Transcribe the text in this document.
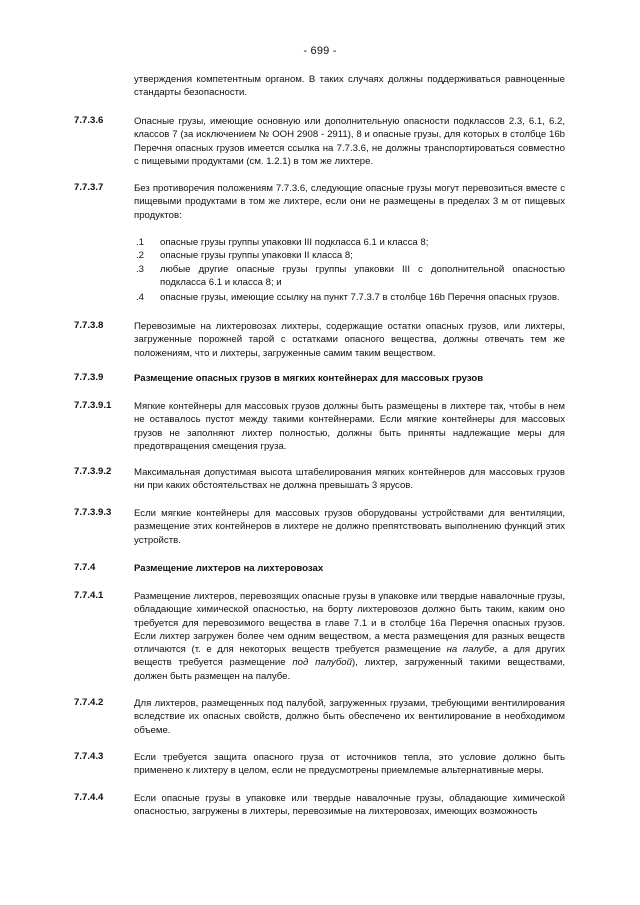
- 699 -
утверждения компетентным органом. В таких случаях должны поддерживаться равноценные стандарты безопасности.
7.7.3.6	Опасные грузы, имеющие основную или дополнительную опасности подклассов 2.3, 6.1, 6.2, классов 7 (за исключением № ООН 2908 - 2911), 8 и опасные грузы, для которых в столбце 16b Перечня опасных грузов имеется ссылка на 7.7.3.6, не должны транспортироваться совместно с пищевыми продуктами (см. 1.2.1) в том же лихтере.
7.7.3.7	Без противоречия положениям 7.7.3.6, следующие опасные грузы могут перевозиться вместе с пищевыми продуктами в том же лихтере, если они не размещены в пределах 3 м от пищевых продуктов:
.1 опасные грузы группы упаковки III подкласса 6.1 и класса 8;
.2 опасные грузы группы упаковки II класса 8;
.3 любые другие опасные грузы группы упаковки III с дополнительной опасностью подкласса 6.1 и класса 8; и
.4 опасные грузы, имеющие ссылку на пункт 7.7.3.7 в столбце 16b Перечня опасных грузов.
7.7.3.8	Перевозимые на лихтеровозах лихтеры, содержащие остатки опасных грузов, или лихтеры, загруженные порожней тарой с остатками опасного вещества, должны отвечать тем же положениям, что и лихтеры, загруженные самим таким веществом.
7.7.3.9	Размещение опасных грузов в мягких контейнерах для массовых грузов
7.7.3.9.1 Мягкие контейнеры для массовых грузов должны быть размещены в лихтере так, чтобы в нем не оставалось пустот между такими контейнерами. Если мягкие контейнеры для массовых грузов не заполняют лихтер полностью, должны быть приняты надлежащие меры для предотвращения смещения груза.
7.7.3.9.2 Максимальная допустимая высота штабелирования мягких контейнеров для массовых грузов ни при каких обстоятельствах не должна превышать 3 ярусов.
7.7.3.9.3 Если мягкие контейнеры для массовых грузов оборудованы устройствами для вентиляции, размещение этих контейнеров в лихтере не должно препятствовать выполнению функций этих устройств.
7.7.4	Размещение лихтеров на лихтеровозах
7.7.4.1	Размещение лихтеров, перевозящих опасные грузы в упаковке или твердые навалочные грузы, обладающие химической опасностью, на борту лихтеровозов должно быть таким, каким оно требуется для перевозимого вещества в главе 7.1 и в столбце 16a Перечня опасных грузов. Если лихтер загружен более чем одним веществом, а места размещения для разных веществ отличаются (т. е для некоторых веществ требуется размещение на палубе, а для других веществ требуется размещение под палубой), лихтер, загруженный такими веществами, должен быть размещен на палубе.
7.7.4.2	Для лихтеров, размещенных под палубой, загруженных грузами, требующими вентилирования вследствие их опасных свойств, должно быть обеспечено их вентилирование в необходимом объеме.
7.7.4.3	Если требуется защита опасного груза от источников тепла, это условие должно быть применено к лихтеру в целом, если не предусмотрены приемлемые альтернативные меры.
7.7.4.4	Если опасные грузы в упаковке или твердые навалочные грузы, обладающие химической опасностью, загружены в лихтеры, перевозимые на лихтеровозах, имеющих возможность
